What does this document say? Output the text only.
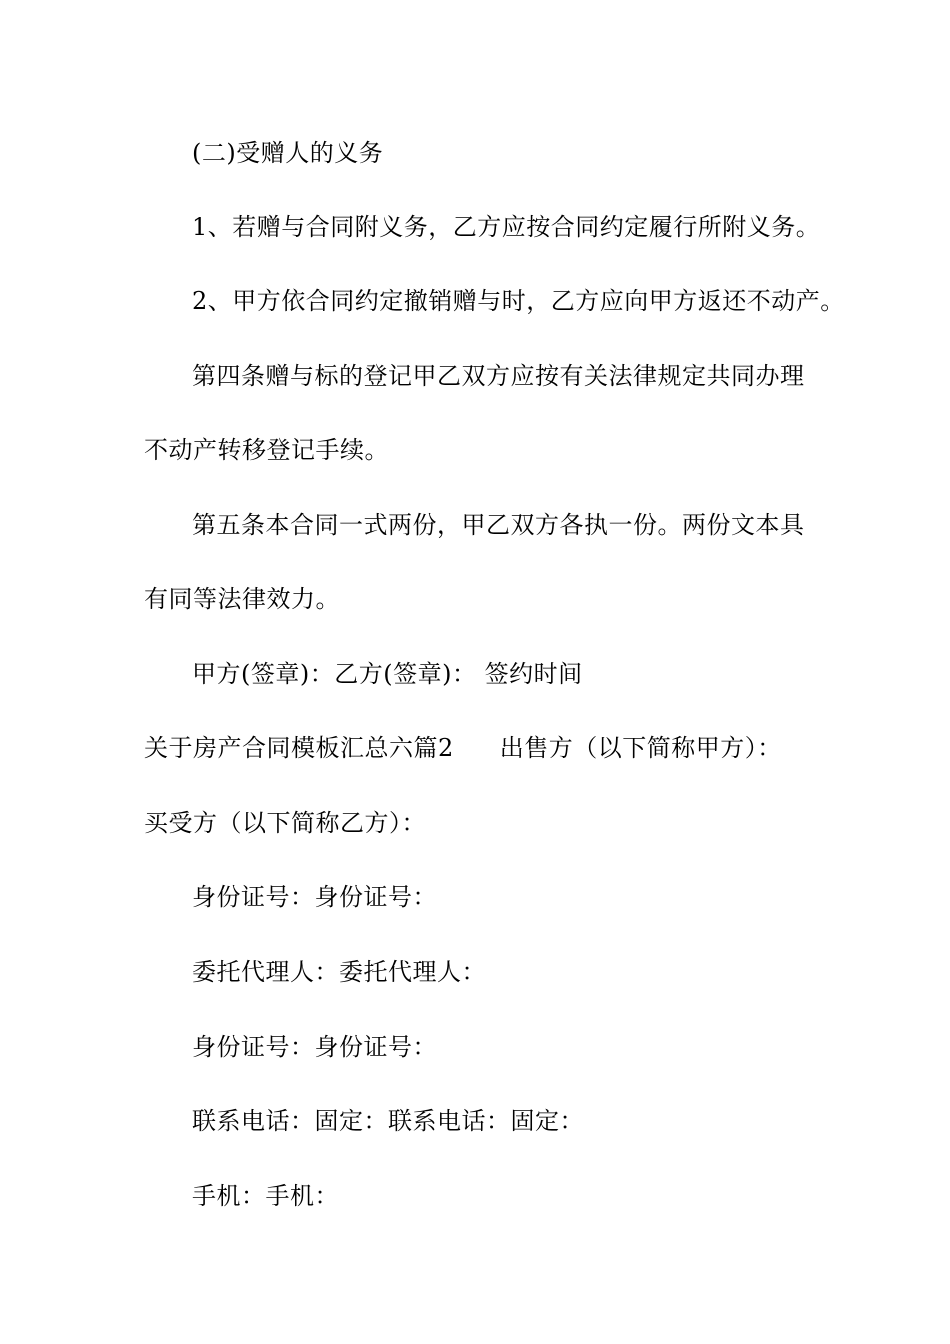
(二)受赠人的义务
1、若赠与合同附义务，乙方应按合同约定履行所附义务。
2、甲方依合同约定撤销赠与时，乙方应向甲方返还不动产。
第四条赠与标的登记甲乙双方应按有关法律规定共同办理
不动产转移登记手续。
第五条本合同一式两份，甲乙双方各执一份。两份文本具
有同等法律效力。
甲方(签章)：乙方(签章)： 签约时间
关于房产合同模板汇总六篇2 出售方（以下简称甲方）：
买受方（以下简称乙方）：
身份证号：身份证号：
委托代理人：委托代理人：
身份证号：身份证号：
联系电话：固定：联系电话：固定：
手机：手机：
